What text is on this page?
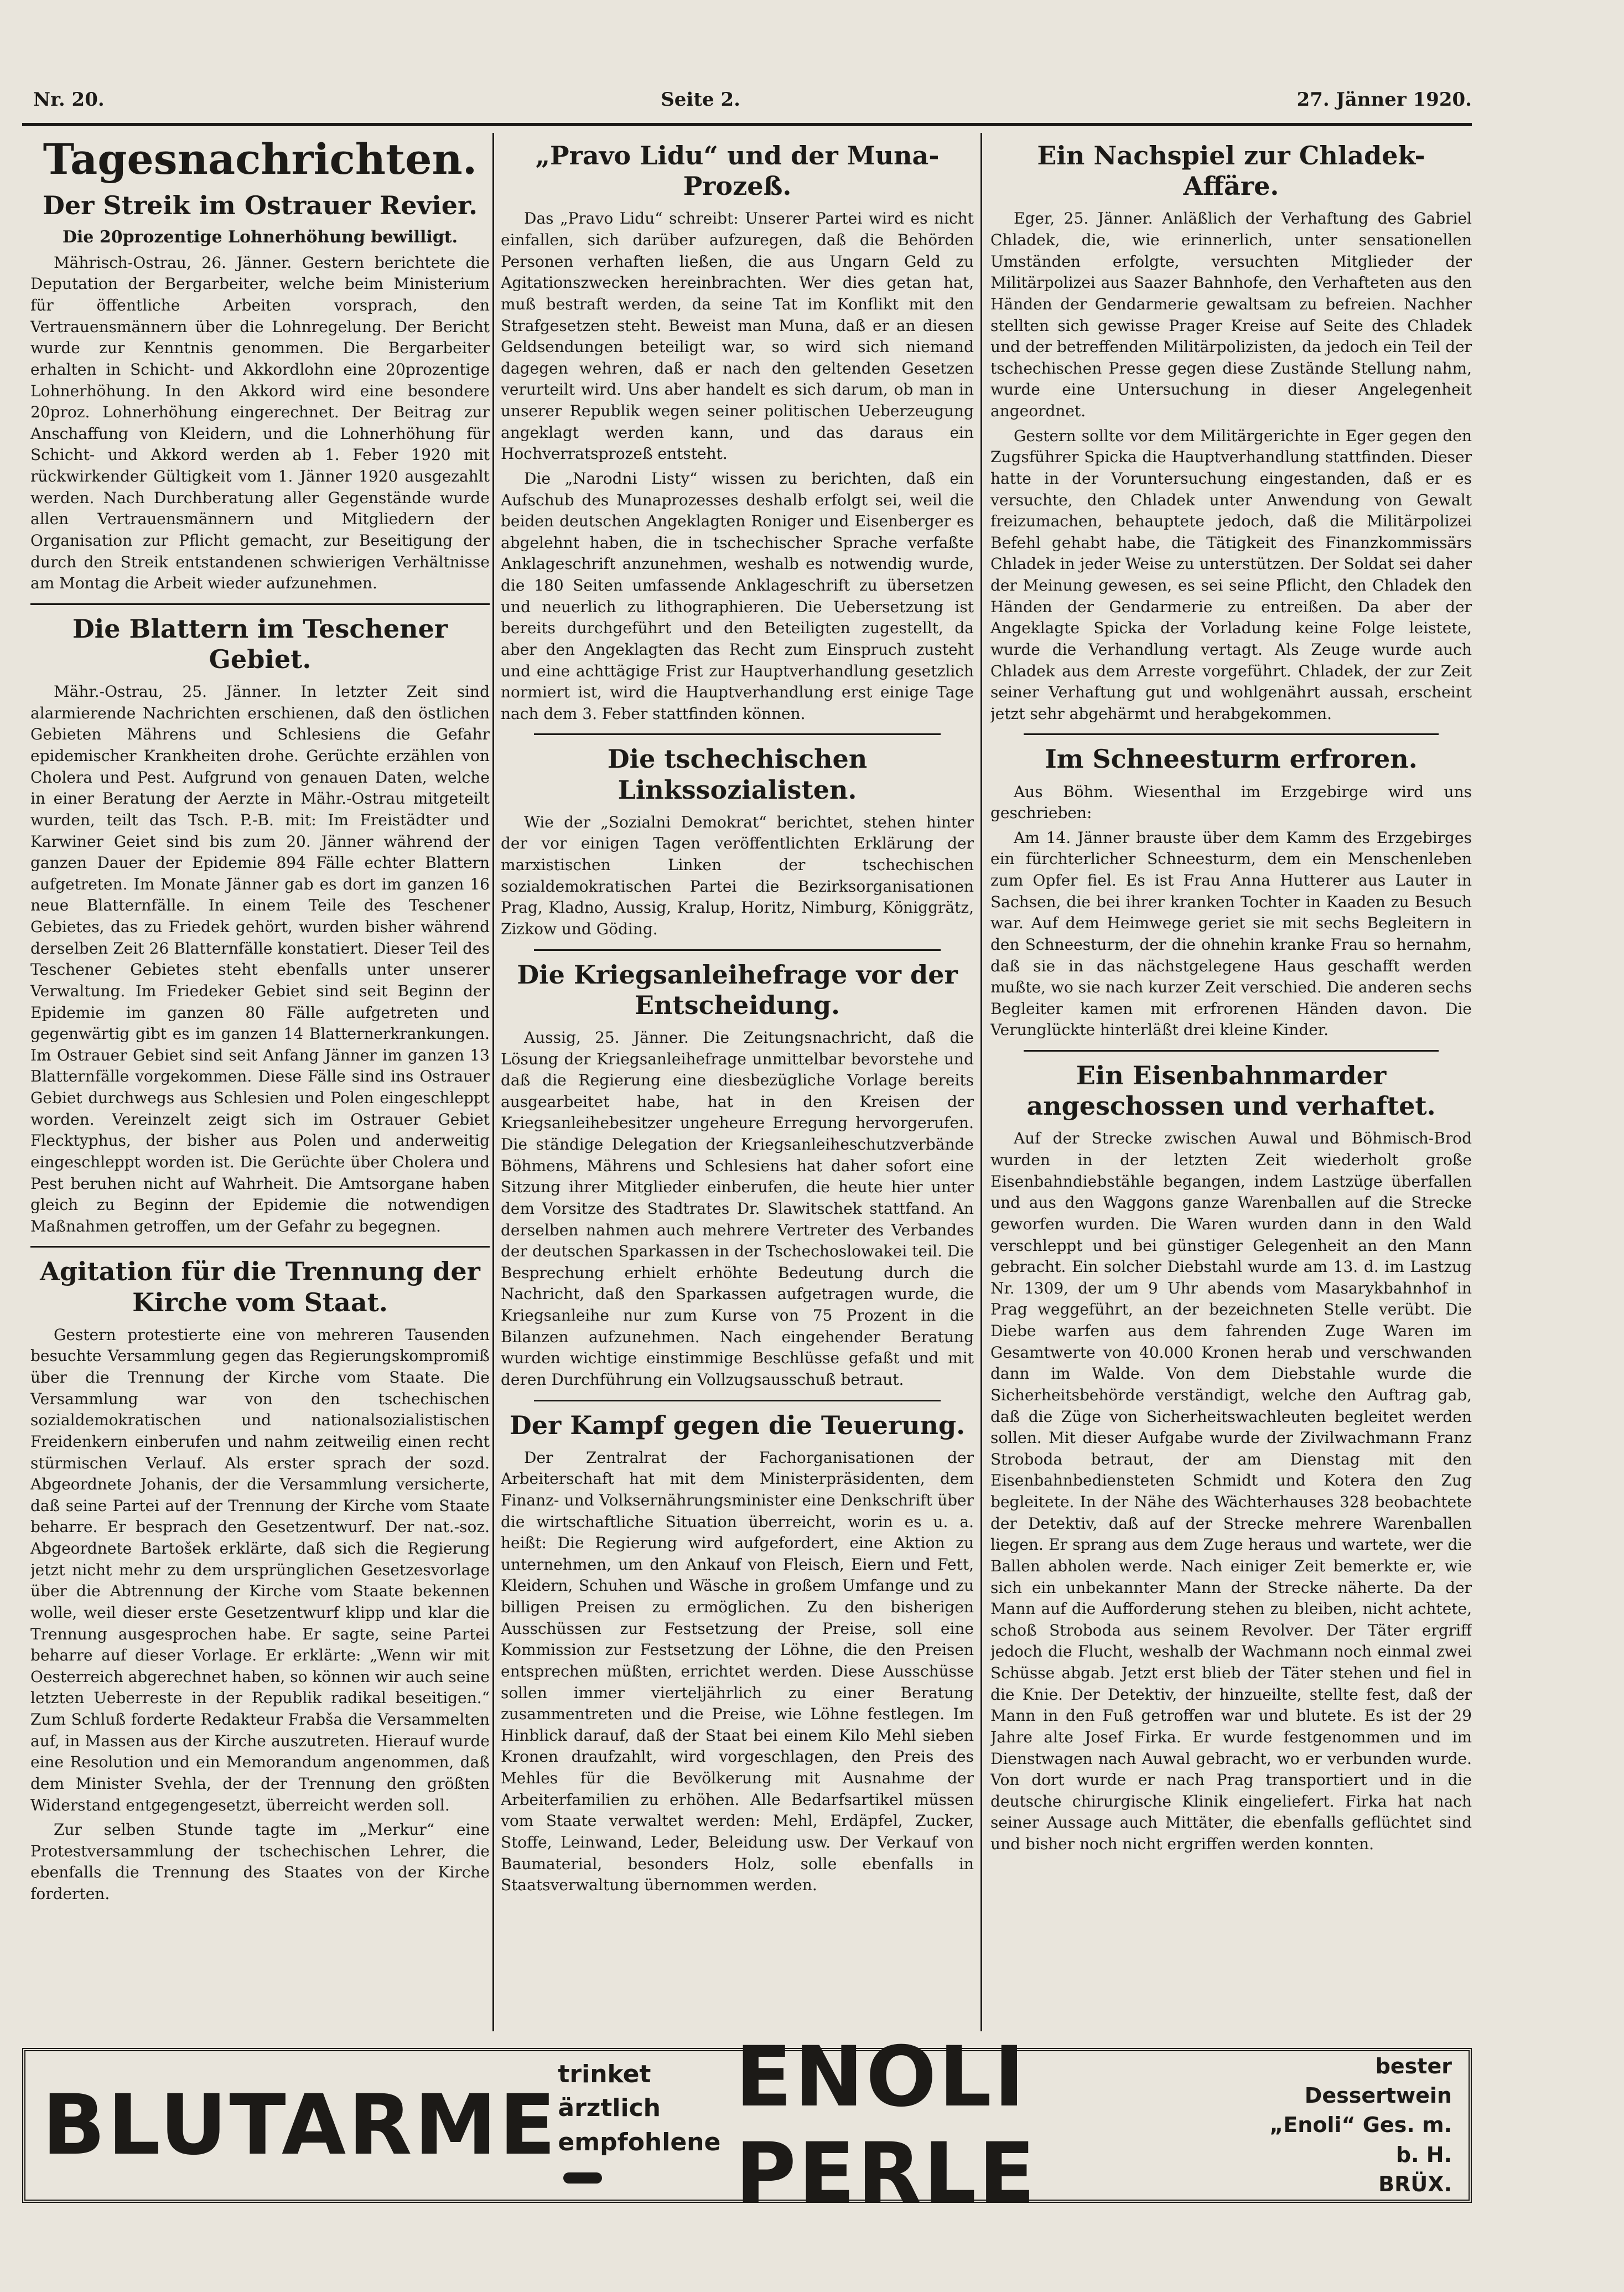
Nr. 20.	Seite 2.	27. Jänner 1920.
Tagesnachrichten.
Der Streik im Ostrauer Revier.
Die 20prozentige Lohnerhöhung bewilligt.

Mährisch-Ostrau, 26. Jänner. Gestern berichtete die Deputation der Bergarbeiter, welche beim Ministerium für öffentliche Arbeiten vorsprach, den Vertrauensmännern über die Lohnregelung. Der Bericht wurde zur Kenntnis genommen. Die Bergarbeiter erhalten in Schicht- und Akkordlohn eine 20prozentige Lohnerhöhung. In den Akkord wird eine besondere 20proz. Lohnerhöhung eingerechnet. Der Beitrag zur Anschaffung von Kleidern, und die Lohnerhöhung für Schicht- und Akkord werden ab 1. Feber 1920 mit rückwirkender Gültigkeit vom 1. Jänner 1920 ausgezahlt werden. Nach Durchberatung aller Gegenstände wurde allen Vertrauensmännern und Mitgliedern der Organisation zur Pflicht gemacht, zur Beseitigung der durch den Streik entstandenen schwierigen Verhältnisse am Montag die Arbeit wieder aufzunehmen.

Die Blattern im Teschener Gebiet.

Mähr.-Ostrau, 25. Jänner. In letzter Zeit sind alarmierende Nachrichten erschienen, daß den östlichen Gebieten Mährens und Schlesiens die Gefahr epidemischer Krankheiten drohe. Gerüchte erzählen von Cholera und Pest. Aufgrund von genauen Daten, welche in einer Beratung der Aerzte in Mähr.-Ostrau mitgeteilt wurden, teilt das Tsch. P.-B. mit: Im Freistädter und Karwiner Geiet sind bis zum 20. Jänner während der ganzen Dauer der Epidemie 894 Fälle echter Blattern aufgetreten. Im Monate Jänner gab es dort im ganzen 16 neue Blatternfälle. In einem Teile des Teschener Gebietes, das zu Friedek gehört, wurden bisher während derselben Zeit 26 Blatternfälle konstatiert. Dieser Teil des Teschener Gebietes steht ebenfalls unter unserer Verwaltung. Im Friedeker Gebiet sind seit Beginn der Epidemie im ganzen 80 Fälle aufgetreten und gegenwärtig gibt es im ganzen 14 Blatternerkrankungen. Im Ostrauer Gebiet sind seit Anfang Jänner im ganzen 13 Blatternfälle vorgekommen. Diese Fälle sind ins Ostrauer Gebiet durchwegs aus Schlesien und Polen eingeschleppt worden. Vereinzelt zeigt sich im Ostrauer Gebiet Flecktyphus, der bisher aus Polen und anderweitig eingeschleppt worden ist. Die Gerüchte über Cholera und Pest beruhen nicht auf Wahrheit. Die Amtsorgane haben gleich zu Beginn der Epidemie die notwendigen Maßnahmen getroffen, um der Gefahr zu begegnen.

Agitation für die Trennung der Kirche vom Staat.

Gestern protestierte eine von mehreren Tausenden besuchte Versammlung gegen das Regierungskompromiß über die Trennung der Kirche vom Staate. Die Versammlung war von den tschechischen sozialdemokratischen und nationalsozialistischen Freidenkern einberufen und nahm zeitweilig einen recht stürmischen Verlauf. Als erster sprach der sozd. Abgeordnete Johanis, der die Versammlung versicherte, daß seine Partei auf der Trennung der Kirche vom Staate beharre. Er besprach den Gesetzentwurf. Der nat.-soz. Abgeordnete Bartošek erklärte, daß sich die Regierung jetzt nicht mehr zu dem ursprünglichen Gesetzesvorlage über die Abtrennung der Kirche vom Staate bekennen wolle, weil dieser erste Gesetzentwurf klipp und klar die Trennung ausgesprochen habe. Er sagte, seine Partei beharre auf dieser Vorlage. Er erklärte: „Wenn wir mit Oesterreich abgerechnet haben, so können wir auch seine letzten Ueberreste in der Republik radikal beseitigen.“ Zum Schluß forderte Redakteur Frabša die Versammelten auf, in Massen aus der Kirche auszutreten. Hierauf wurde eine Resolution und ein Memorandum angenommen, daß dem Minister Svehla, der der Trennung den größten Widerstand entgegengesetzt, überreicht werden soll.

Zur selben Stunde tagte im „Merkur“ eine Protestversammlung der tschechischen Lehrer, die ebenfalls die Trennung des Staates von der Kirche forderten.

„Pravo Lidu“ und der Muna-Prozeß.

Das „Pravo Lidu“ schreibt: Unserer Partei wird es nicht einfallen, sich darüber aufzuregen, daß die Behörden Personen verhaften ließen, die aus Ungarn Geld zu Agitationszwecken hereinbrachten. Wer dies getan hat, muß bestraft werden, da seine Tat im Konflikt mit den Strafgesetzen steht. Beweist man Muna, daß er an diesen Geldsendungen beteiligt war, so wird sich niemand dagegen wehren, daß er nach den geltenden Gesetzen verurteilt wird. Uns aber handelt es sich darum, ob man in unserer Republik wegen seiner politischen Ueberzeugung angeklagt werden kann, und das daraus ein Hochverratsprozeß entsteht.

Die „Narodni Listy“ wissen zu berichten, daß ein Aufschub des Munaprozesses deshalb erfolgt sei, weil die beiden deutschen Angeklagten Roniger und Eisenberger es abgelehnt haben, die in tschechischer Sprache verfaßte Anklageschrift anzunehmen, weshalb es notwendig wurde, die 180 Seiten umfassende Anklageschrift zu übersetzen und neuerlich zu lithographieren. Die Uebersetzung ist bereits durchgeführt und den Beteiligten zugestellt, da aber den Angeklagten das Recht zum Einspruch zusteht und eine achttägige Frist zur Hauptverhandlung gesetzlich normiert ist, wird die Hauptverhandlung erst einige Tage nach dem 3. Feber stattfinden können.

Die tschechischen Linkssozialisten.

Wie der „Sozialni Demokrat“ berichtet, stehen hinter der vor einigen Tagen veröffentlichten Erklärung der marxistischen Linken der tschechischen sozialdemokratischen Partei die Bezirksorganisationen Prag, Kladno, Aussig, Kralup, Horitz, Nimburg, Königgrätz, Zizkow und Göding.

Die Kriegsanleihefrage vor der Entscheidung.

Aussig, 25. Jänner. Die Zeitungsnachricht, daß die Lösung der Kriegsanleihefrage unmittelbar bevorstehe und daß die Regierung eine diesbezügliche Vorlage bereits ausgearbeitet habe, hat in den Kreisen der Kriegsanleihebesitzer ungeheure Erregung hervorgerufen. Die ständige Delegation der Kriegsanleiheschutzverbände Böhmens, Mährens und Schlesiens hat daher sofort eine Sitzung ihrer Mitglieder einberufen, die heute hier unter dem Vorsitze des Stadtrates Dr. Slawitschek stattfand. An derselben nahmen auch mehrere Vertreter des Verbandes der deutschen Sparkassen in der Tschechoslowakei teil. Die Besprechung erhielt erhöhte Bedeutung durch die Nachricht, daß den Sparkassen aufgetragen wurde, die Kriegsanleihe nur zum Kurse von 75 Prozent in die Bilanzen aufzunehmen. Nach eingehender Beratung wurden wichtige einstimmige Beschlüsse gefaßt und mit deren Durchführung ein Vollzugsausschuß betraut.

Der Kampf gegen die Teuerung.

Der Zentralrat der Fachorganisationen der Arbeiterschaft hat mit dem Ministerpräsidenten, dem Finanz- und Volksernährungsminister eine Denkschrift über die wirtschaftliche Situation überreicht, worin es u. a. heißt: Die Regierung wird aufgefordert, eine Aktion zu unternehmen, um den Ankauf von Fleisch, Eiern und Fett, Kleidern, Schuhen und Wäsche in großem Umfange und zu billigen Preisen zu ermöglichen. Zu den bisherigen Ausschüssen zur Festsetzung der Preise, soll eine Kommission zur Festsetzung der Löhne, die den Preisen entsprechen müßten, errichtet werden. Diese Ausschüsse sollen immer vierteljährlich zu einer Beratung zusammentreten und die Preise, wie Löhne festlegen. Im Hinblick darauf, daß der Staat bei einem Kilo Mehl sieben Kronen draufzahlt, wird vorgeschlagen, den Preis des Mehles für die Bevölkerung mit Ausnahme der Arbeiterfamilien zu erhöhen. Alle Bedarfsartikel müssen vom Staate verwaltet werden: Mehl, Erdäpfel, Zucker, Stoffe, Leinwand, Leder, Beleidung usw. Der Verkauf von Baumaterial, besonders Holz, solle ebenfalls in Staatsverwaltung übernommen werden.

Ein Nachspiel zur Chladek-Affäre.

Eger, 25. Jänner. Anläßlich der Verhaftung des Gabriel Chladek, die, wie erinnerlich, unter sensationellen Umständen erfolgte, versuchten Mitglieder der Militärpolizei aus Saazer Bahnhofe, den Verhafteten aus den Händen der Gendarmerie gewaltsam zu befreien. Nachher stellten sich gewisse Prager Kreise auf Seite des Chladek und der betreffenden Militärpolizisten, da jedoch ein Teil der tschechischen Presse gegen diese Zustände Stellung nahm, wurde eine Untersuchung in dieser Angelegenheit angeordnet.

Gestern sollte vor dem Militärgerichte in Eger gegen den Zugsführer Spicka die Hauptverhandlung stattfinden. Dieser hatte in der Voruntersuchung eingestanden, daß er es versuchte, den Chladek unter Anwendung von Gewalt freizumachen, behauptete jedoch, daß die Militärpolizei Befehl gehabt habe, die Tätigkeit des Finanzkommissärs Chladek in jeder Weise zu unterstützen. Der Soldat sei daher der Meinung gewesen, es sei seine Pflicht, den Chladek den Händen der Gendarmerie zu entreißen. Da aber der Angeklagte Spicka der Vorladung keine Folge leistete, wurde die Verhandlung vertagt. Als Zeuge wurde auch Chladek aus dem Arreste vorgeführt. Chladek, der zur Zeit seiner Verhaftung gut und wohlgenährt aussah, erscheint jetzt sehr abgehärmt und herabgekommen.

Im Schneesturm erfroren.

Aus Böhm. Wiesenthal im Erzgebirge wird uns geschrieben:

Am 14. Jänner brauste über dem Kamm des Erzgebirges ein fürchterlicher Schneesturm, dem ein Menschenleben zum Opfer fiel. Es ist Frau Anna Hutterer aus Lauter in Sachsen, die bei ihrer kranken Tochter in Kaaden zu Besuch war. Auf dem Heimwege geriet sie mit sechs Begleitern in den Schneesturm, der die ohnehin kranke Frau so hernahm, daß sie in das nächstgelegene Haus geschafft werden mußte, wo sie nach kurzer Zeit verschied. Die anderen sechs Begleiter kamen mit erfrorenen Händen davon. Die Verunglückte hinterläßt drei kleine Kinder.

Ein Eisenbahnmarder angeschossen und verhaftet.

Auf der Strecke zwischen Auwal und Böhmisch-Brod wurden in der letzten Zeit wiederholt große Eisenbahndiebstähle begangen, indem Lastzüge überfallen und aus den Waggons ganze Warenballen auf die Strecke geworfen wurden. Die Waren wurden dann in den Wald verschleppt und bei günstiger Gelegenheit an den Mann gebracht. Ein solcher Diebstahl wurde am 13. d. im Lastzug Nr. 1309, der um 9 Uhr abends vom Masarykbahnhof in Prag weggeführt, an der bezeichneten Stelle verübt. Die Diebe warfen aus dem fahrenden Zuge Waren im Gesamtwerte von 40.000 Kronen herab und verschwanden dann im Walde. Von dem Diebstahle wurde die Sicherheitsbehörde verständigt, welche den Auftrag gab, daß die Züge von Sicherheitswachleuten begleitet werden sollen. Mit dieser Aufgabe wurde der Zivilwachmann Franz Stroboda betraut, der am Dienstag mit den Eisenbahnbediensteten Schmidt und Kotera den Zug begleitete. In der Nähe des Wächterhauses 328 beobachtete der Detektiv, daß auf der Strecke mehrere Warenballen liegen. Er sprang aus dem Zuge heraus und wartete, wer die Ballen abholen werde. Nach einiger Zeit bemerkte er, wie sich ein unbekannter Mann der Strecke näherte. Da der Mann auf die Aufforderung stehen zu bleiben, nicht achtete, schoß Stroboda aus seinem Revolver. Der Täter ergriff jedoch die Flucht, weshalb der Wachmann noch einmal zwei Schüsse abgab. Jetzt erst blieb der Täter stehen und fiel in die Knie. Der Detektiv, der hinzueilte, stellte fest, daß der Mann in den Fuß getroffen war und blutete. Es ist der 29 Jahre alte Josef Firka. Er wurde festgenommen und im Dienstwagen nach Auwal gebracht, wo er verbunden wurde. Von dort wurde er nach Prag transportiert und in die deutsche chirurgische Klinik eingeliefert. Firka hat nach seiner Aussage auch Mittäter, die ebenfalls geflüchtet sind und bisher noch nicht ergriffen werden konnten.

BLUTARME
trinket ärztlich
empfohlene
ENOLI PERLE
bester Dessertwein
„Enoli“ Ges. m. b. H.
BRÜX.
